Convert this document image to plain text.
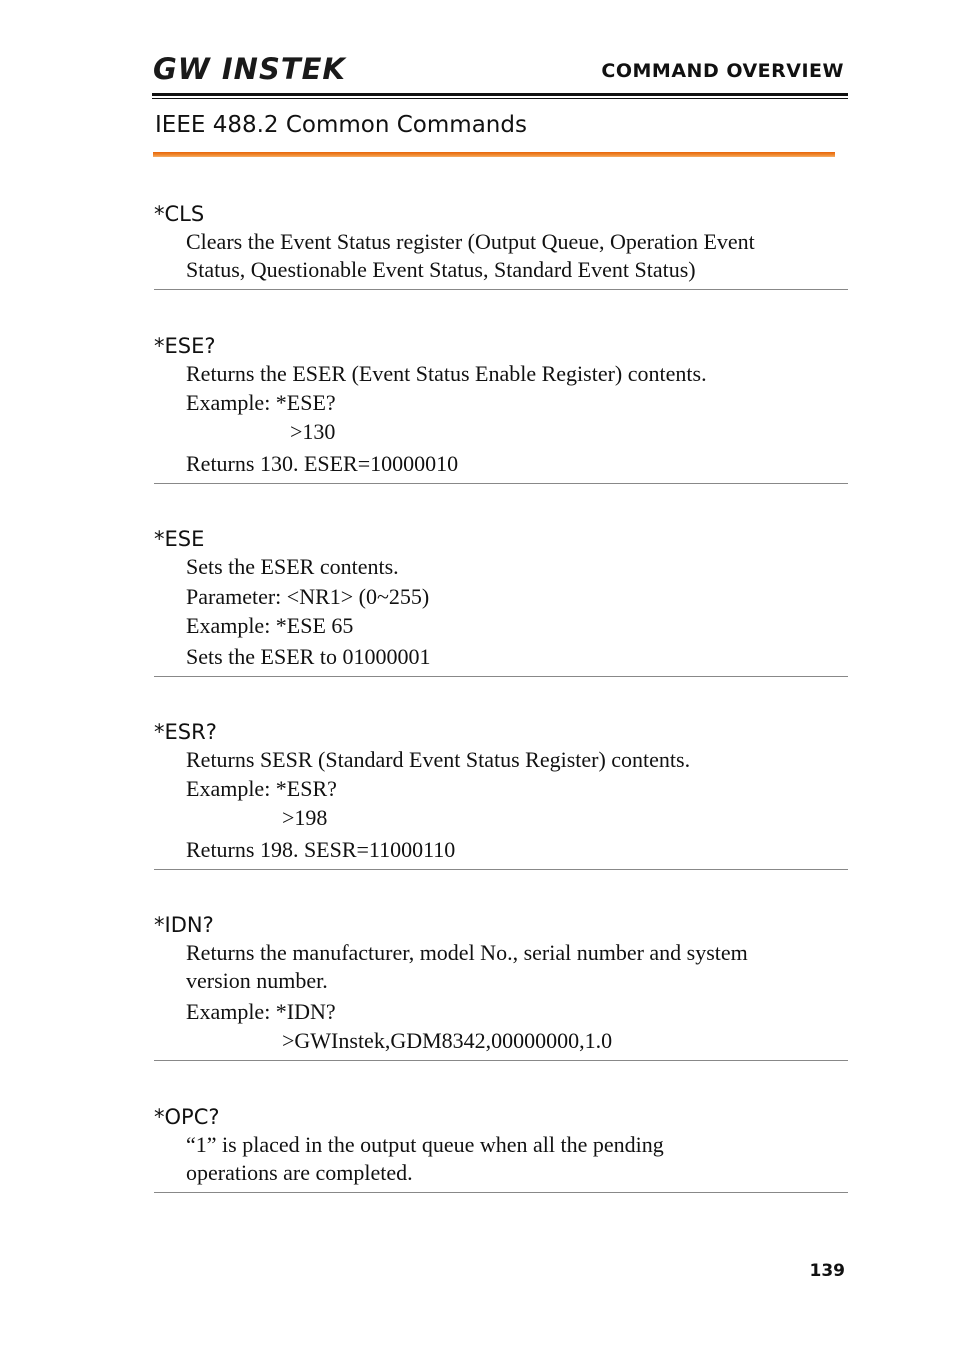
GW INSTEK	COMMAND OVERVIEW
IEEE 488.2 Common Commands

*CLS

Clears the Event Status register (Output Queue, Operation Event
Status, Questionable Event Status, Standard Event Status)

*ESE?

Returns the ESER (Event Status Enable Register) contents.
Example: *ESE?
>130
Returns 130. ESER=10000010

*ESE

Sets the ESER contents.
Parameter: <NR1> (0~255)
Example: *ESE 65
Sets the ESER to 01000001

*ESR?

Returns SESR (Standard Event Status Register) contents.
Example: *ESR?
>198
Returns 198. SESR=11000110

*IDN?

Returns the manufacturer, model No., serial number and system
version number.
Example: *IDN?
>GWInstek,GDM8342,00000000,1.0

*OPC?

“1” is placed in the output queue when all the pending
operations are completed.
139
